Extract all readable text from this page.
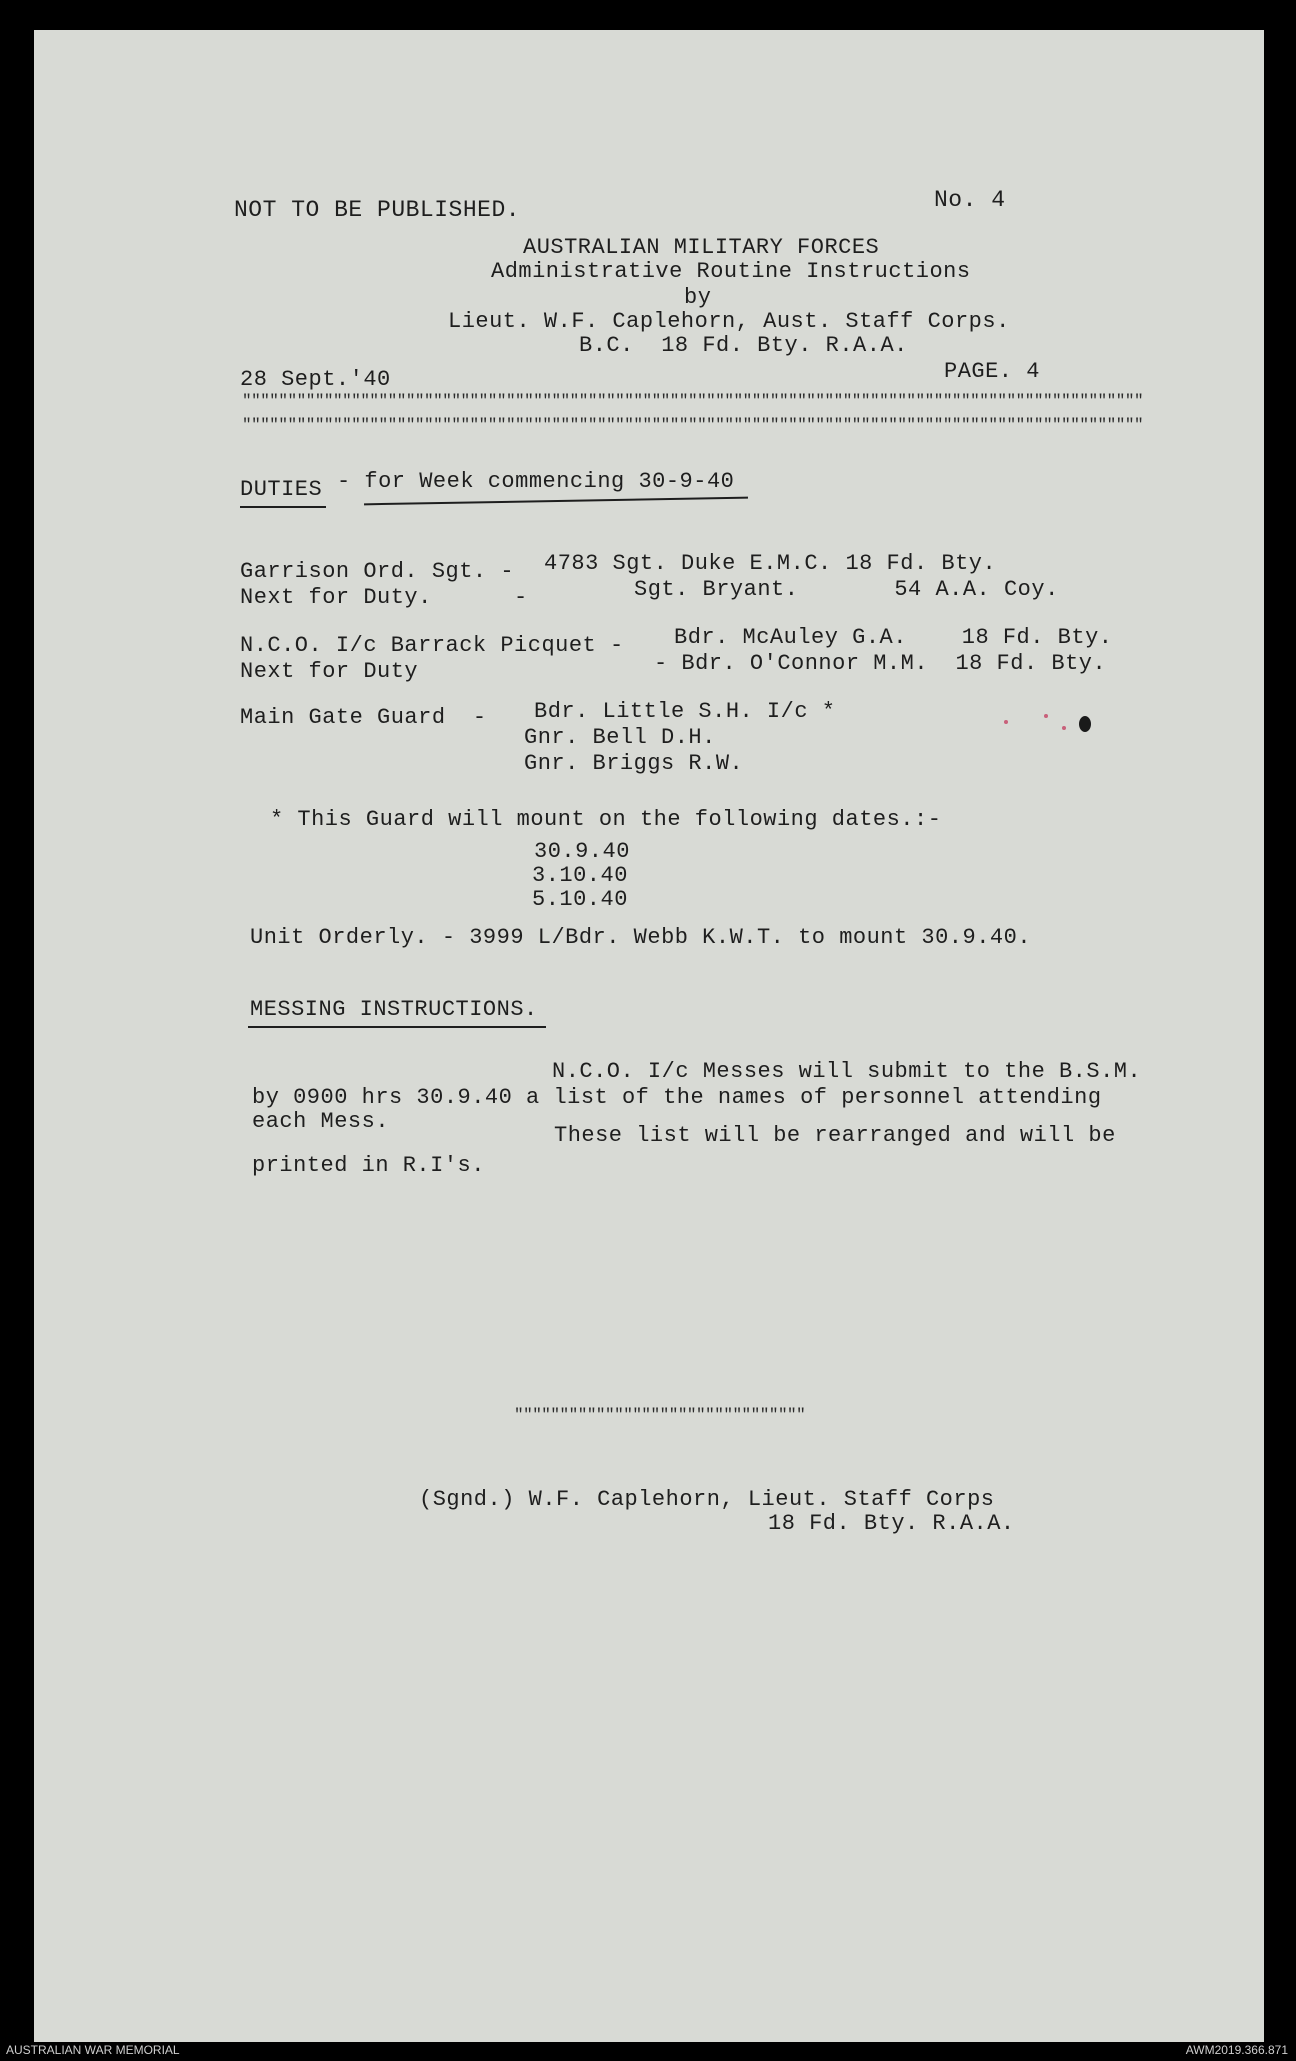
NOT TO BE PUBLISHED.	No. 4
AUSTRALIAN MILITARY FORCES
Administrative Routine Instructions
by
Lieut. W.F. Caplehorn, Aust. Staff Corps.
B.C.  18 Fd. Bty. R.A.A.
28 Sept.'40	PAGE. 4
"""""""""""""""""""""""""""""""""""""""""""""""""""""""""""""""""""""""""""""""""""""""""""""""""""
"""""""""""""""""""""""""""""""""""""""""""""""""""""""""""""""""""""""""""""""""""""""""""""""""""
DUTIES - for Week commencing 30-9-40
Garrison Ord. Sgt. - 4783 Sgt. Duke E.M.C. 18 Fd. Bty.
Next for Duty.      -	Sgt. Bryant.       54 A.A. Coy.
N.C.O. I/c Barrack Picquet - Bdr. McAuley G.A.    18 Fd. Bty.
Next for Duty	- Bdr. O'Connor M.M.  18 Fd. Bty.
Main Gate Guard  - Bdr. Little S.H. I/c *
Gnr. Bell D.H.
Gnr. Briggs R.W.
* This Guard will mount on the following dates.:-
30.9.40
3.10.40
5.10.40
Unit Orderly. - 3999 L/Bdr. Webb K.W.T. to mount 30.9.40.
MESSING INSTRUCTIONS.
N.C.O. I/c Messes will submit to the B.S.M.
by 0900 hrs 30.9.40 a list of the names of personnel attending
each Mess.
These list will be rearranged and will be
printed in R.I's.
""""""""""""""""""""""""""""""""
(Sgnd.) W.F. Caplehorn, Lieut. Staff Corps
18 Fd. Bty. R.A.A.
AUSTRALIAN WAR MEMORIAL	AWM2019.366.871
